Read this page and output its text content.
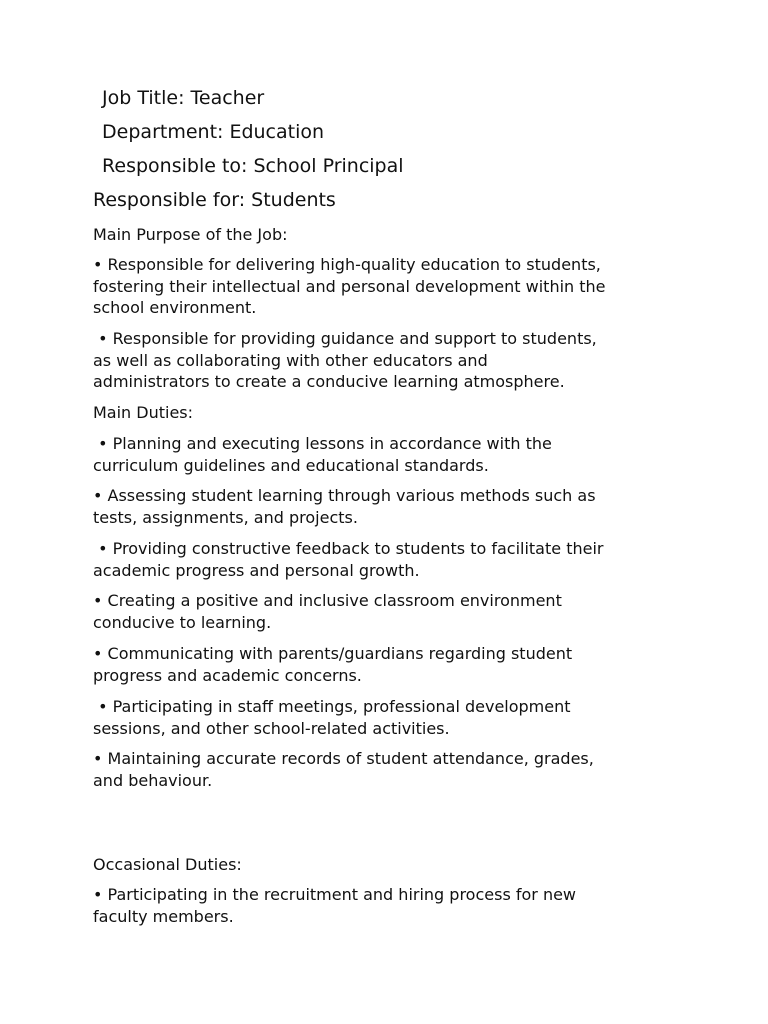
Job Title: Teacher
Department: Education
Responsible to: School Principal
Responsible for: Students
Main Purpose of the Job:
• Responsible for delivering high-quality education to students,
fostering their intellectual and personal development within the
school environment.
• Responsible for providing guidance and support to students,
as well as collaborating with other educators and
administrators to create a conducive learning atmosphere.
Main Duties:
• Planning and executing lessons in accordance with the
curriculum guidelines and educational standards.
• Assessing student learning through various methods such as
tests, assignments, and projects.
• Providing constructive feedback to students to facilitate their
academic progress and personal growth.
• Creating a positive and inclusive classroom environment
conducive to learning.
• Communicating with parents/guardians regarding student
progress and academic concerns.
• Participating in staff meetings, professional development
sessions, and other school-related activities.
• Maintaining accurate records of student attendance, grades,
and behaviour.
Occasional Duties:
• Participating in the recruitment and hiring process for new
faculty members.
